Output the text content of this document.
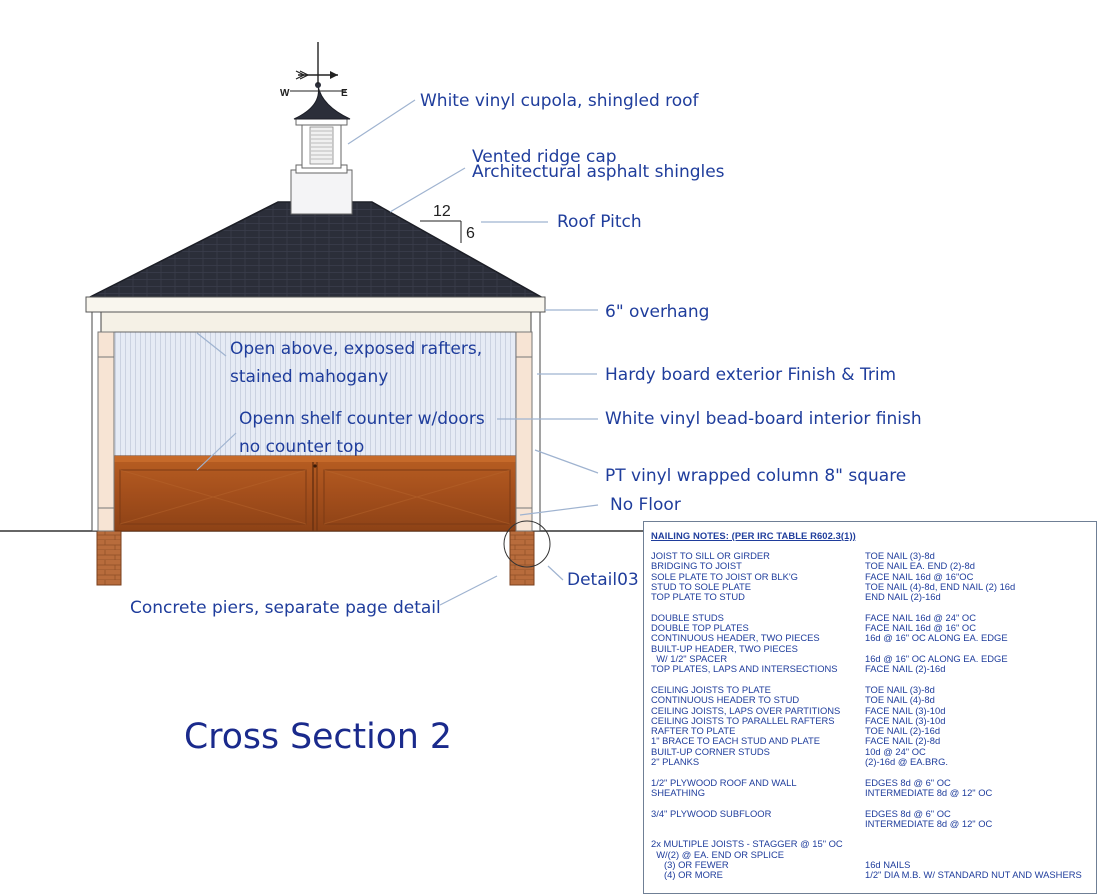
W	E
12
6
White vinyl cupola, shingled roof
Vented ridge cap
Architectural asphalt shingles
Roof Pitch
6" overhang
Open above, exposed rafters,
stained mahogany	Hardy board exterior Finish & Trim
Openn shelf counter w/doors
no counter top
White vinyl bead-board interior finish
PT vinyl wrapped column 8" square
No Floor
Detail03
Concrete piers, separate page detail
Cross Section 2
NAILING NOTES: (PER IRC TABLE R602.3(1))
JOIST TO SILL OR GIRDER	TOE NAIL (3)-8d
BRIDGING TO JOIST	TOE NAIL EA. END (2)-8d
SOLE PLATE TO JOIST OR BLK'G	FACE NAIL 16d @ 16"OC
STUD TO SOLE PLATE	TOE NAIL (4)-8d, END NAIL (2) 16d
TOP PLATE TO STUD	END NAIL (2)-16d
DOUBLE STUDS	FACE NAIL 16d @ 24" OC
DOUBLE TOP PLATES	FACE NAIL 16d @ 16" OC
CONTINUOUS HEADER, TWO PIECES	16d @ 16" OC ALONG EA. EDGE
BUILT-UP HEADER, TWO PIECES
W/ 1/2" SPACER	16d @ 16" OC ALONG EA. EDGE
TOP PLATES, LAPS AND INTERSECTIONS	FACE NAIL (2)-16d
CEILING JOISTS TO PLATE	TOE NAIL (3)-8d
CONTINUOUS HEADER TO STUD	TOE NAIL (4)-8d
CEILING JOISTS, LAPS OVER PARTITIONS	FACE NAIL (3)-10d
CEILING JOISTS TO PARALLEL RAFTERS	FACE NAIL (3)-10d
RAFTER TO PLATE	TOE NAIL (2)-16d
1" BRACE TO EACH STUD AND PLATE	FACE NAIL (2)-8d
BUILT-UP CORNER STUDS	10d @ 24" OC
2" PLANKS	(2)-16d @ EA.BRG.
1/2" PLYWOOD ROOF AND WALL	EDGES 8d @ 6" OC
SHEATHING	INTERMEDIATE 8d @ 12" OC
3/4" PLYWOOD SUBFLOOR	EDGES 8d @ 6" OC
INTERMEDIATE 8d @ 12" OC
2x MULTIPLE JOISTS - STAGGER @ 15" OC
W/(2) @ EA. END OR SPLICE
(3) OR FEWER	16d NAILS
(4) OR MORE	1/2" DIA M.B. W/ STANDARD NUT AND WASHERS
